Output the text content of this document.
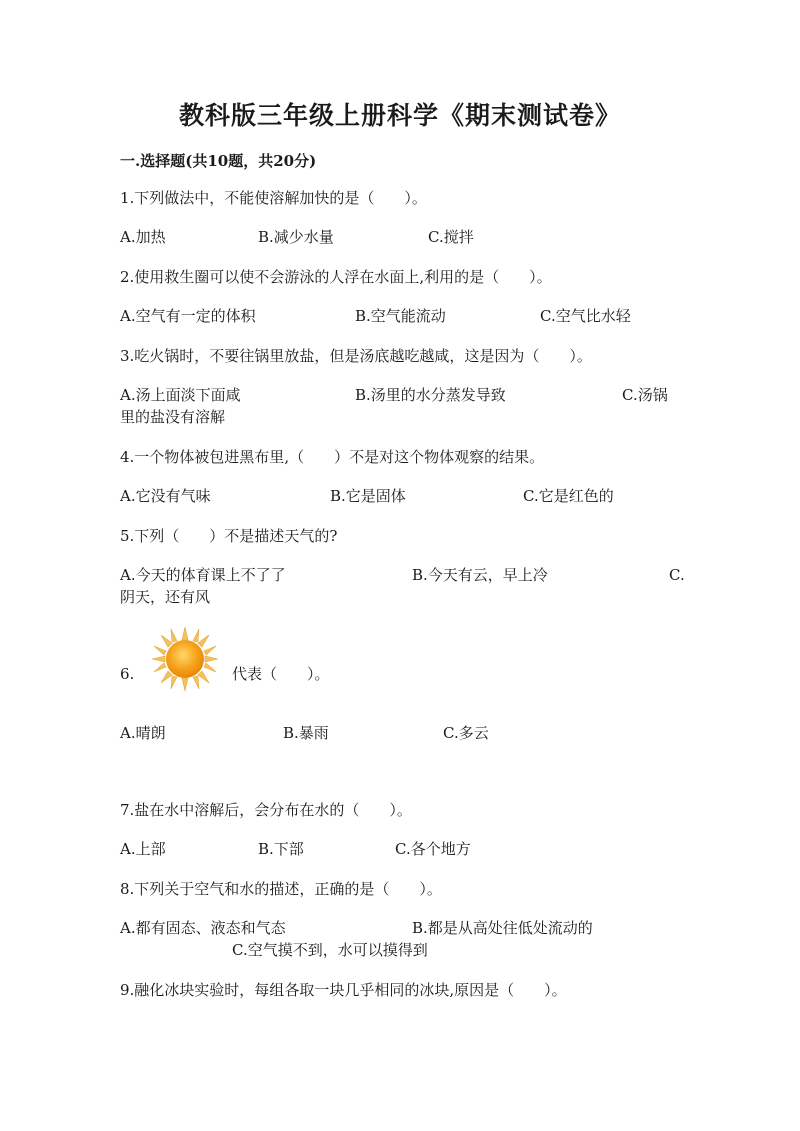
教科版三年级上册科学《期末测试卷》
一.选择题(共10题，共20分)
1.下列做法中，不能使溶解加快的是（　　）。
A.加热	B.减少水量	C.搅拌
2.使用救生圈可以使不会游泳的人浮在水面上,利用的是（　　）。
A.空气有一定的体积	B.空气能流动	C.空气比水轻
3.吃火锅时，不要往锅里放盐，但是汤底越吃越咸，这是因为（　　）。
A.汤上面淡下面咸	B.汤里的水分蒸发导致	C.汤锅
里的盐没有溶解
4.一个物体被包进黑布里,（　　）不是对这个物体观察的结果。
A.它没有气味	B.它是固体	C.它是红色的
5.下列（　　）不是描述天气的?
A.今天的体育课上不了了	B.今天有云，早上冷	C.
阴天，还有风
6.	代表（　　）。
A.晴朗	B.暴雨	C.多云
7.盐在水中溶解后，会分布在水的（　　）。
A.上部	B.下部	C.各个地方
8.下列关于空气和水的描述，正确的是（　　）。
A.都有固态、液态和气态	B.都是从高处往低处流动的
C.空气摸不到，水可以摸得到
9.融化冰块实验时，每组各取一块几乎相同的冰块,原因是（　　）。
